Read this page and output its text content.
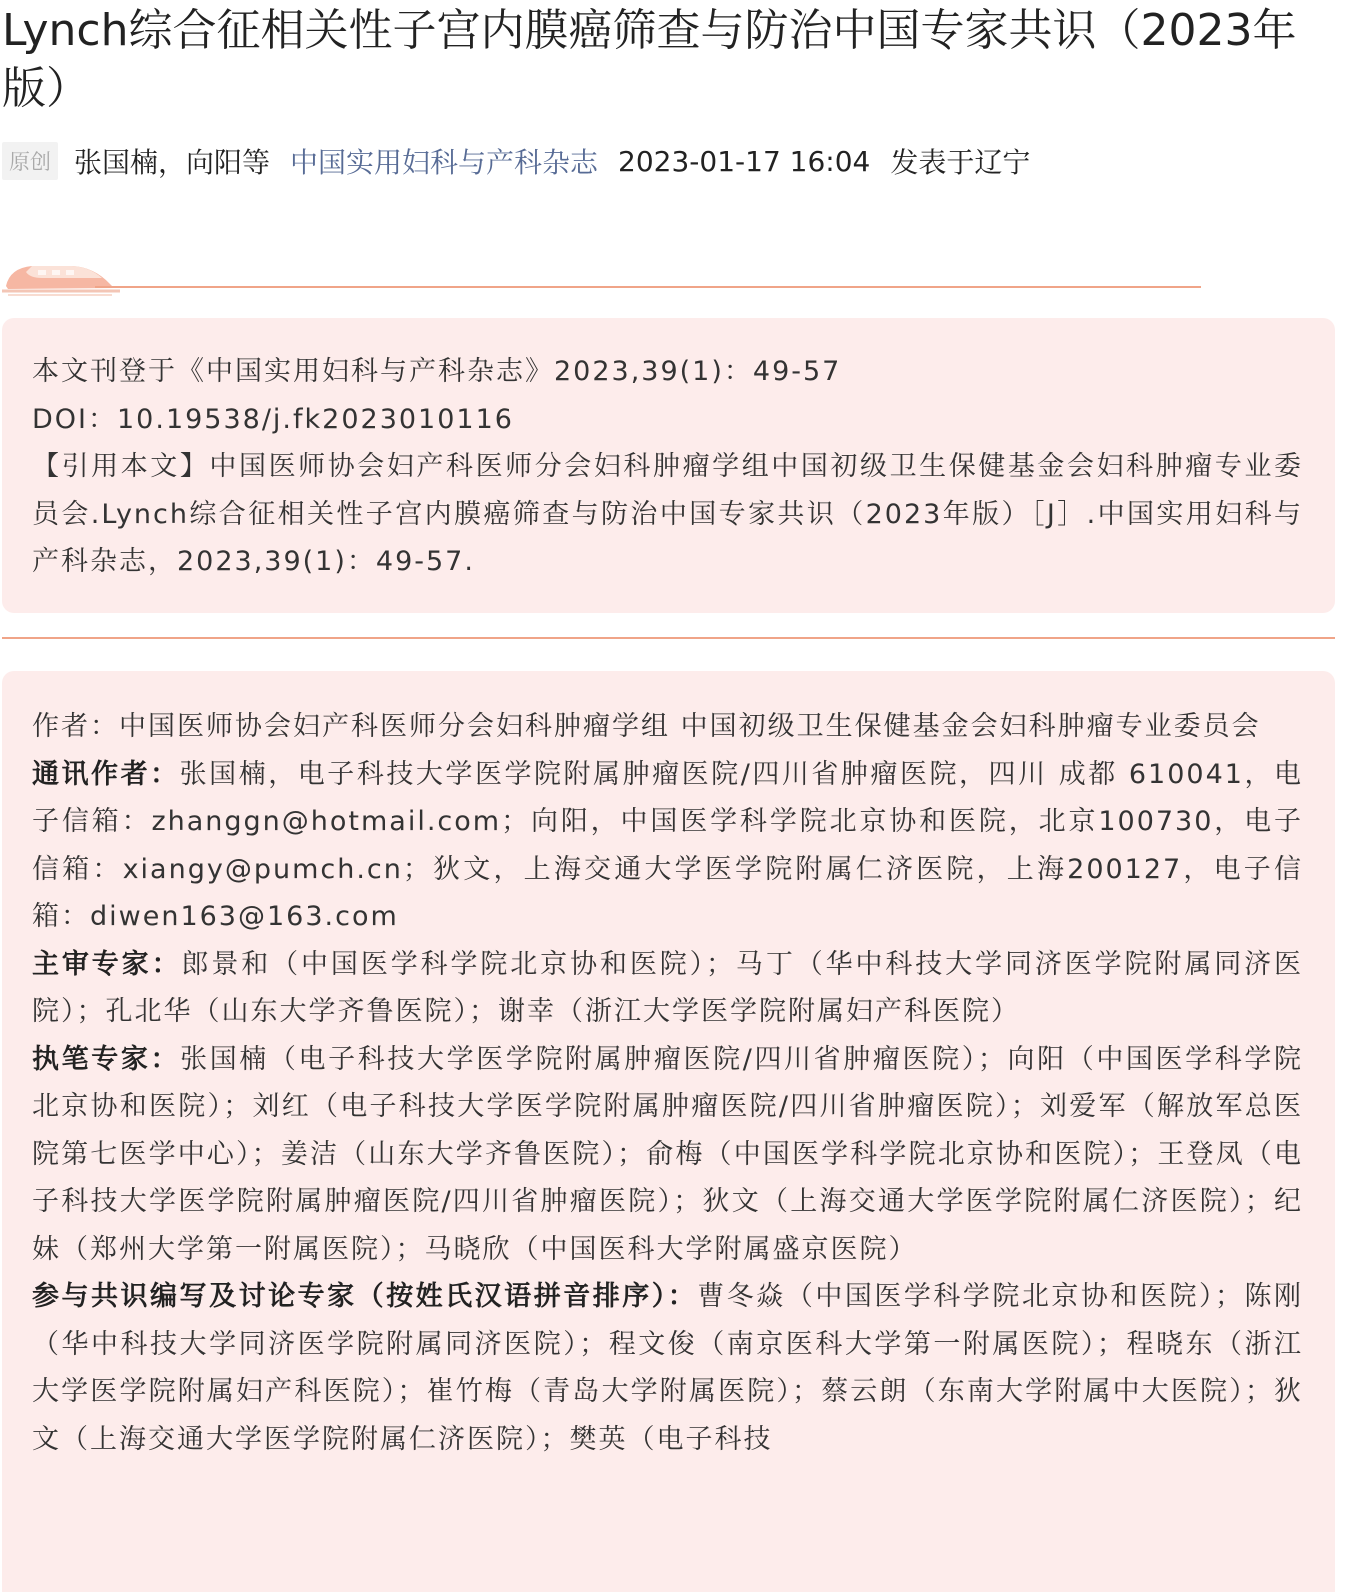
Lynch综合征相关性子宫内膜癌筛查与防治中国专家共识（2023年版）
原创 张国楠，向阳等 中国实用妇科与产科杂志 2023-01-17 16:04 发表于辽宁

本文刊登于《中国实用妇科与产科杂志》2023,39(1)：49-57

DOI：10.19538/j.fk2023010116

【引用本文】中国医师协会妇产科医师分会妇科肿瘤学组中国初级卫生保健基金会妇科肿瘤专业委员会.Lynch综合征相关性子宫内膜癌筛查与防治中国专家共识（2023年版）［J］.中国实用妇科与产科杂志，2023,39(1)：49-57.

作者：中国医师协会妇产科医师分会妇科肿瘤学组 中国初级卫生保健基金会妇科肿瘤专业委员会

通讯作者：张国楠，电子科技大学医学院附属肿瘤医院/四川省肿瘤医院，四川 成都 610041，电子信箱：zhanggn@hotmail.com；向阳，中国医学科学院北京协和医院，北京100730，电子信箱：xiangy@pumch.cn；狄文，上海交通大学医学院附属仁济医院，上海200127，电子信箱：diwen163@163.com

主审专家：郎景和（中国医学科学院北京协和医院）；马丁（华中科技大学同济医学院附属同济医院）；孔北华（山东大学齐鲁医院）；谢幸（浙江大学医学院附属妇产科医院）

执笔专家：张国楠（电子科技大学医学院附属肿瘤医院/四川省肿瘤医院）；向阳（中国医学科学院北京协和医院）；刘红（电子科技大学医学院附属肿瘤医院/四川省肿瘤医院）；刘爱军（解放军总医院第七医学中心）；姜洁（山东大学齐鲁医院）；俞梅（中国医学科学院北京协和医院）；王登凤（电子科技大学医学院附属肿瘤医院/四川省肿瘤医院）；狄文（上海交通大学医学院附属仁济医院）；纪妹（郑州大学第一附属医院）；马晓欣（中国医科大学附属盛京医院）

参与共识编写及讨论专家（按姓氏汉语拼音排序）：曹冬焱（中国医学科学院北京协和医院）；陈刚（华中科技大学同济医学院附属同济医院）；程文俊（南京医科大学第一附属医院）；程晓东（浙江大学医学院附属妇产科医院）；崔竹梅（青岛大学附属医院）；蔡云朗（东南大学附属中大医院）；狄文（上海交通大学医学院附属仁济医院）；樊英（电子科技
